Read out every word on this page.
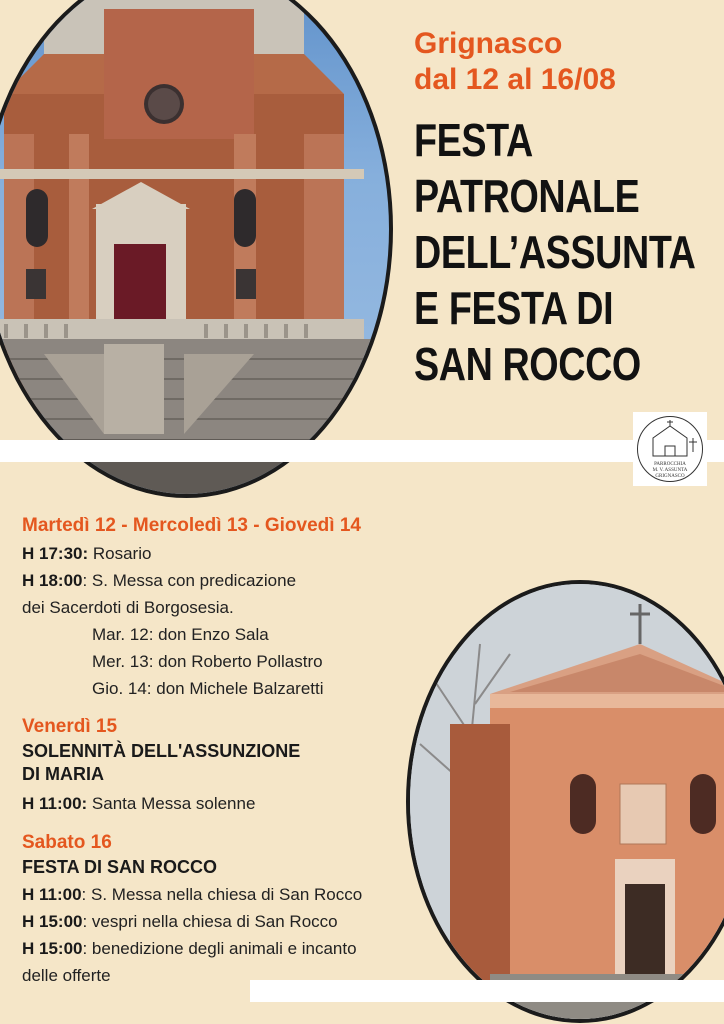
Grignasco
dal 12 al 16/08
FESTA
PATRONALE
DELL’ASSUNTA
E FESTA DI
SAN ROCCO
PARROCCHIA
M. V. ASSUNTA
GRIGNASCO
Martedì 12 - Mercoledì 13 - Giovedì 14
H 17:30: Rosario
H 18:00: S. Messa con predicazione
dei Sacerdoti di Borgosesia.
Mar. 12: don Enzo Sala
Mer. 13: don Roberto Pollastro
Gio. 14: don Michele Balzaretti
Venerdì 15
SOLENNITÀ DELL'ASSUNZIONE
DI MARIA
H 11:00: Santa Messa solenne
Sabato 16
FESTA DI SAN ROCCO
H 11:00: S. Messa nella chiesa di San Rocco
H 15:00: vespri nella chiesa di San Rocco
H 15:00: benedizione degli animali e incanto
delle offerte
